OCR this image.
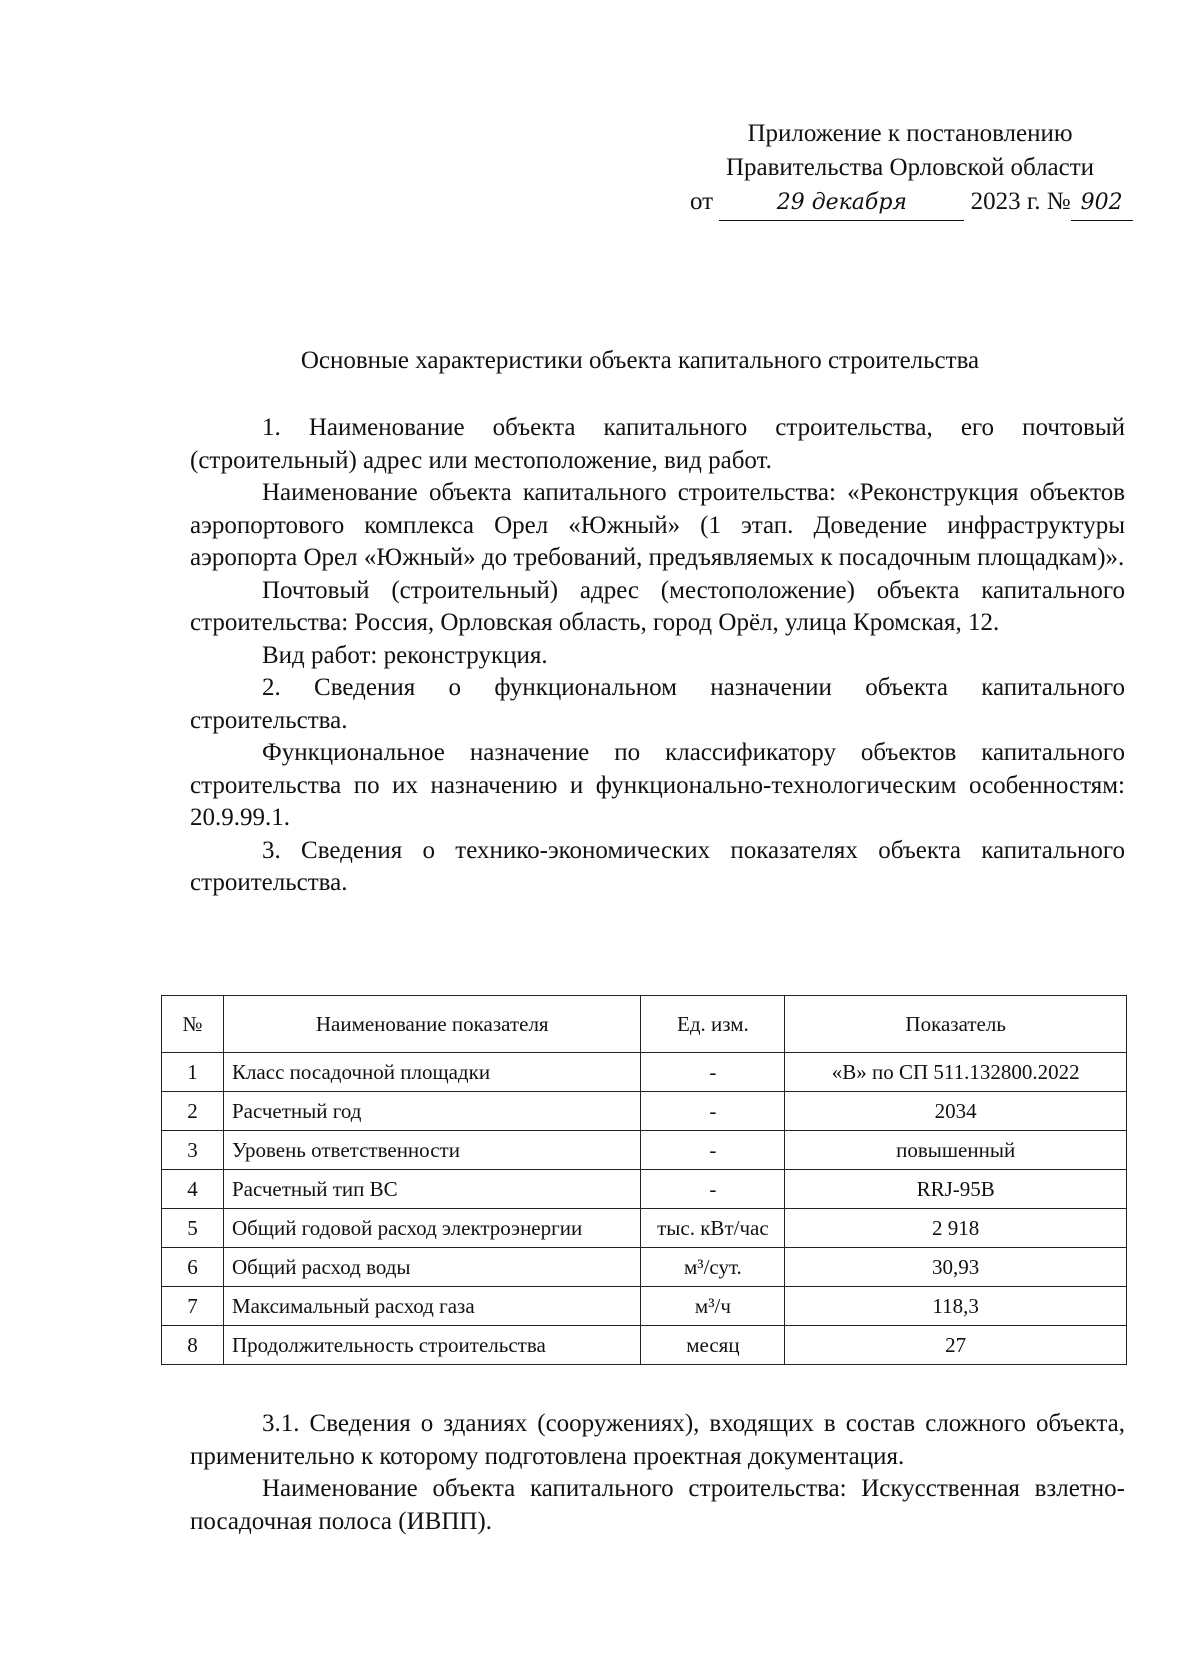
Приложение к постановлению
Правительства Орловской области
от	29 декабря	2023 г. № 902
Основные характеристики объекта капитального строительства

1. Наименование объекта капитального строительства, его почтовый (строительный) адрес или местоположение, вид работ.

Наименование объекта капитального строительства: «Реконструкция объектов аэропортового комплекса Орел «Южный» (1 этап. Доведение инфраструктуры аэропорта Орел «Южный» до требований, предъявляемых к посадочным площадкам)».

Почтовый (строительный) адрес (местоположение) объекта капитального строительства: Россия, Орловская область, город Орёл, улица Кромская, 12.

Вид работ: реконструкция.

2. Сведения о функциональном назначении объекта капитального строительства.

Функциональное назначение по классификатору объектов капитального строительства по их назначению и функционально-технологическим особенностям: 20.9.99.1.

3. Сведения о технико-экономических показателях объекта капитального строительства.

№	Наименование показателя	Ед. изм.	Показатель
1	Класс посадочной площадки	-	«В» по СП 511.132800.2022
2	Расчетный год	-	2034
3	Уровень ответственности	-	повышенный
4	Расчетный тип ВС	-	RRJ-95B
5	Общий годовой расход электроэнергии	тыс. кВт/час	2 918
6	Общий расход воды	м³/сут.	30,93
7	Максимальный расход газа	м³/ч	118,3
8	Продолжительность строительства	месяц	27

3.1. Сведения о зданиях (сооружениях), входящих в состав сложного объекта, применительно к которому подготовлена проектная документация.

Наименование объекта капитального строительства: Искусственная взлетно-посадочная полоса (ИВПП).
